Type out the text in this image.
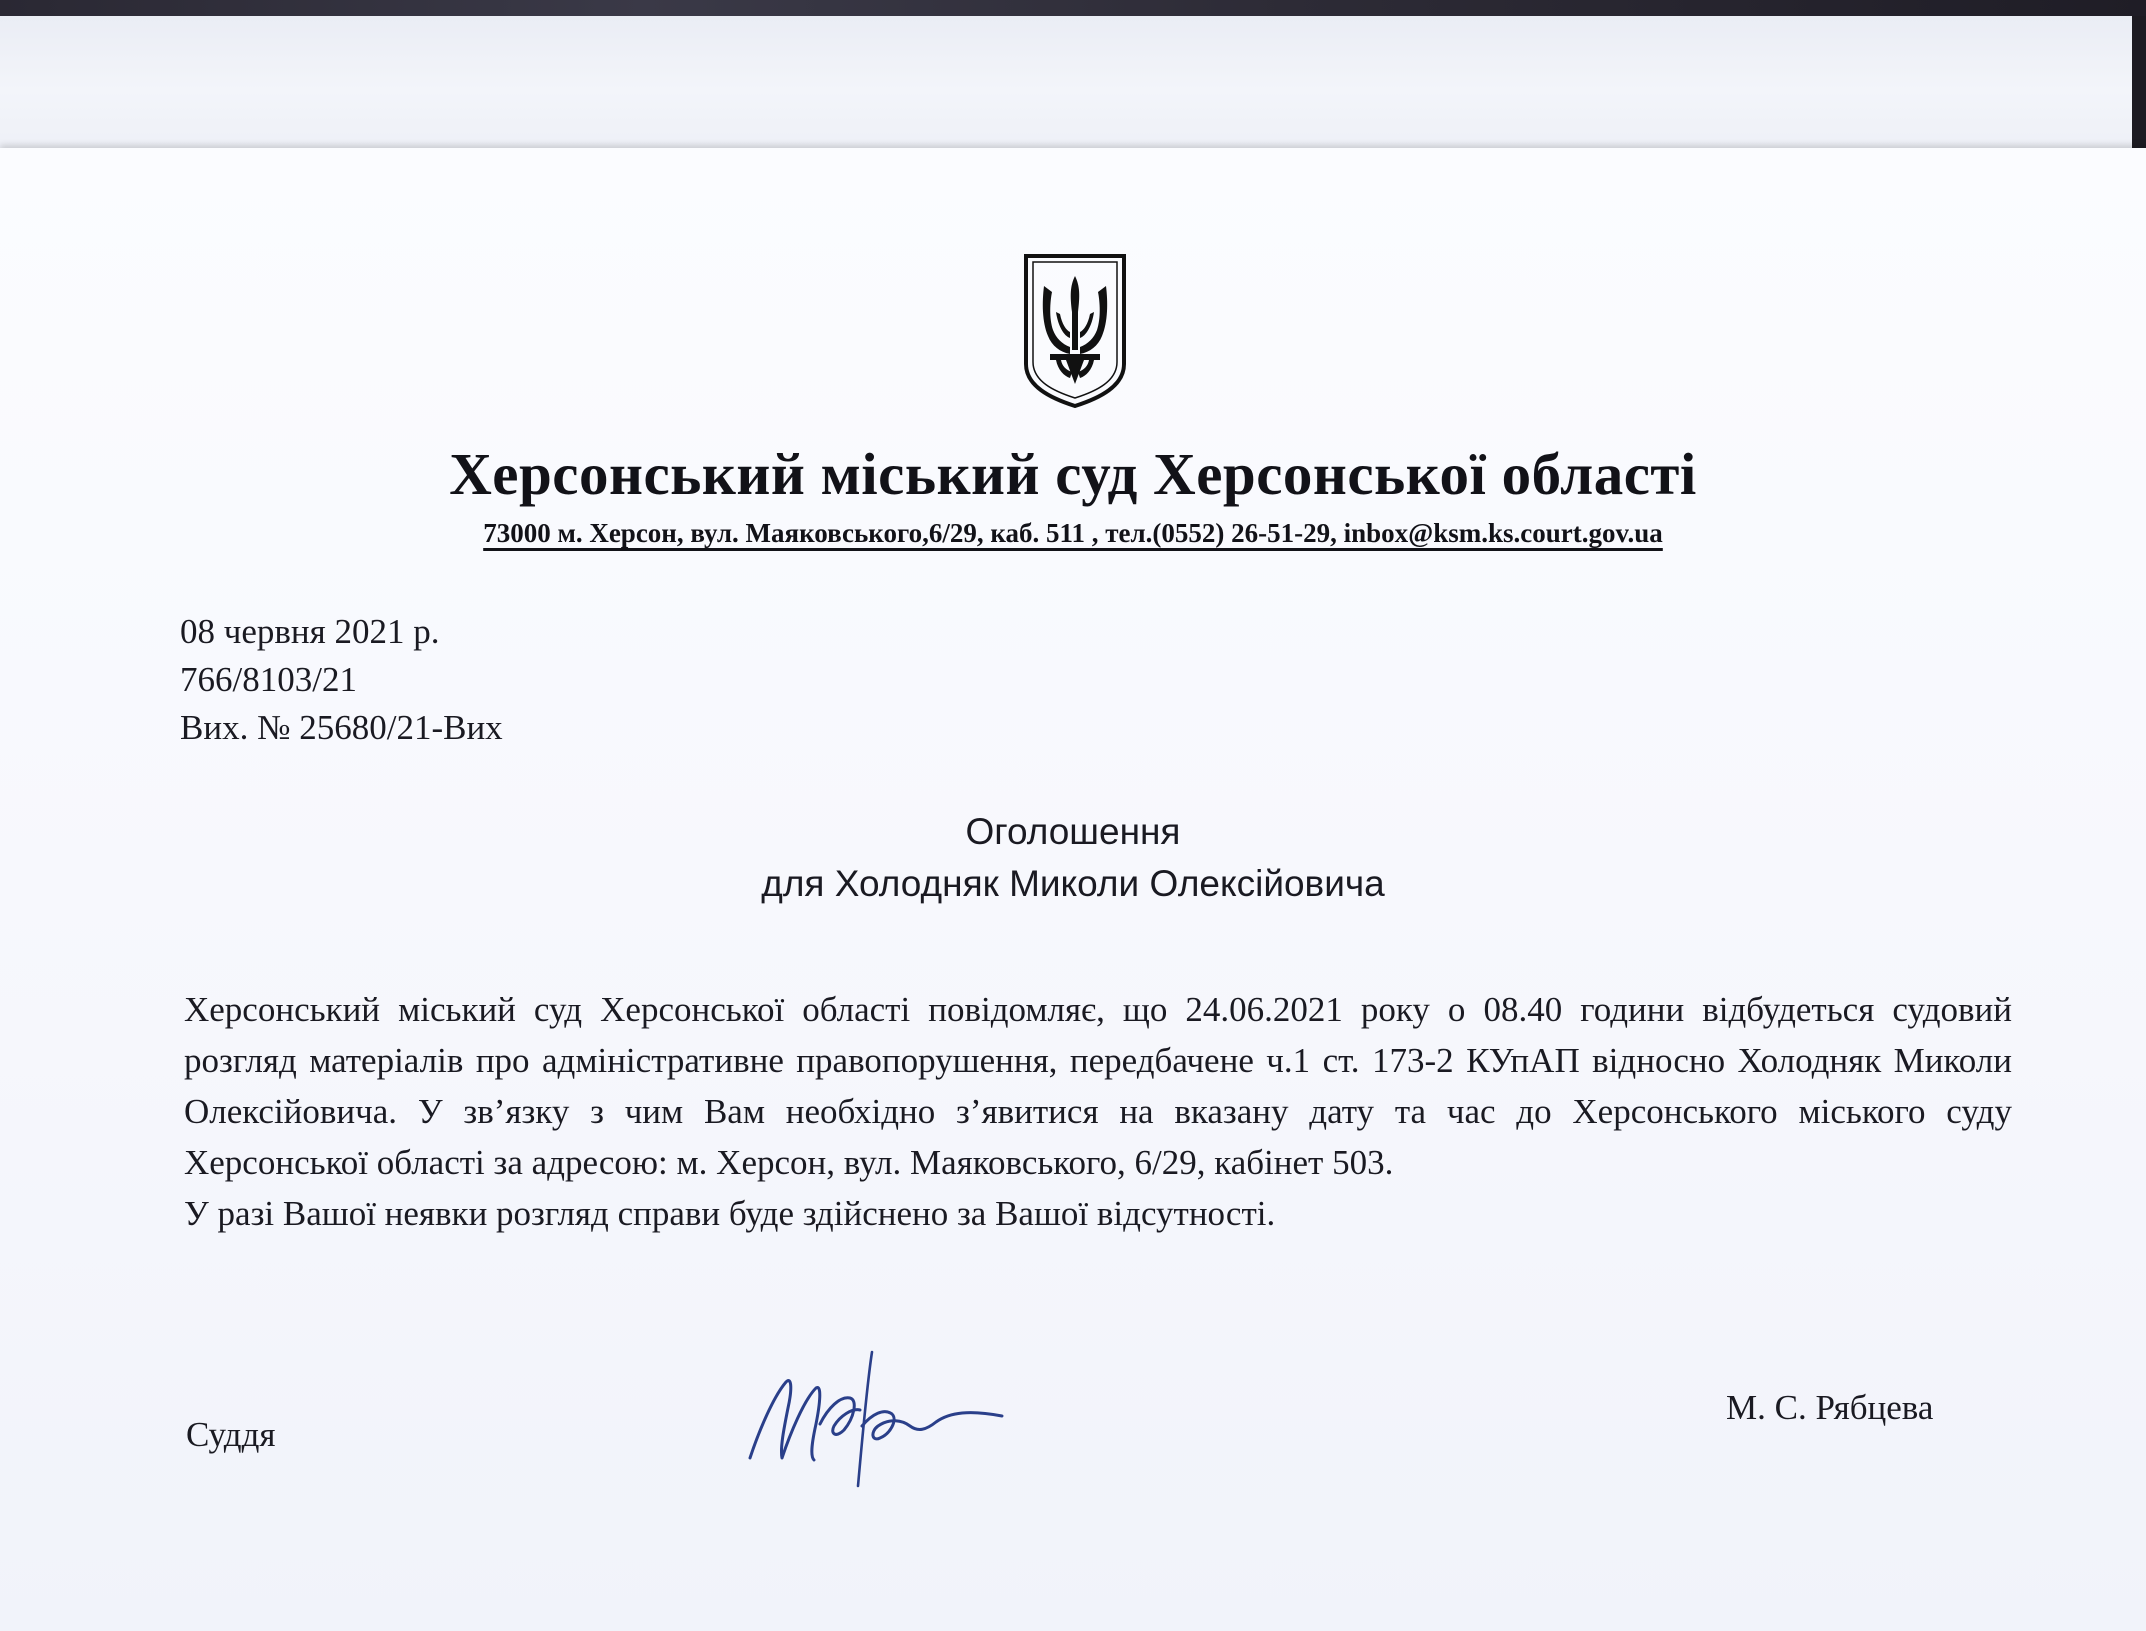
Херсонський міський суд Херсонської області
73000 м. Херсон, вул. Маяковського,6/29, каб. 511 , тел.(0552) 26-51-29, inbox@ksm.ks.court.gov.ua
08 червня 2021 р.
766/8103/21
Вих. № 25680/21-Вих
Оголошення
для Холодняк Миколи Олексійовича

Херсонський міський суд Херсонської області повідомляє, що 24.06.2021 року о 08.40 години відбудеться судовий розгляд матеріалів про адміністративне правопорушення, передбачене ч.1 ст. 173-2 КУпАП відносно Холодняк Миколи Олексійовича. У зв’язку з чим Вам необхідно з’явитися на вказану дату та час до Херсонського міського суду Херсонської області за адресою: м. Херсон, вул. Маяковського, 6/29, кабінет 503.

У разі Вашої неявки розгляд справи буде здійснено за Вашої відсутності.

Суддя
М. С. Рябцева
